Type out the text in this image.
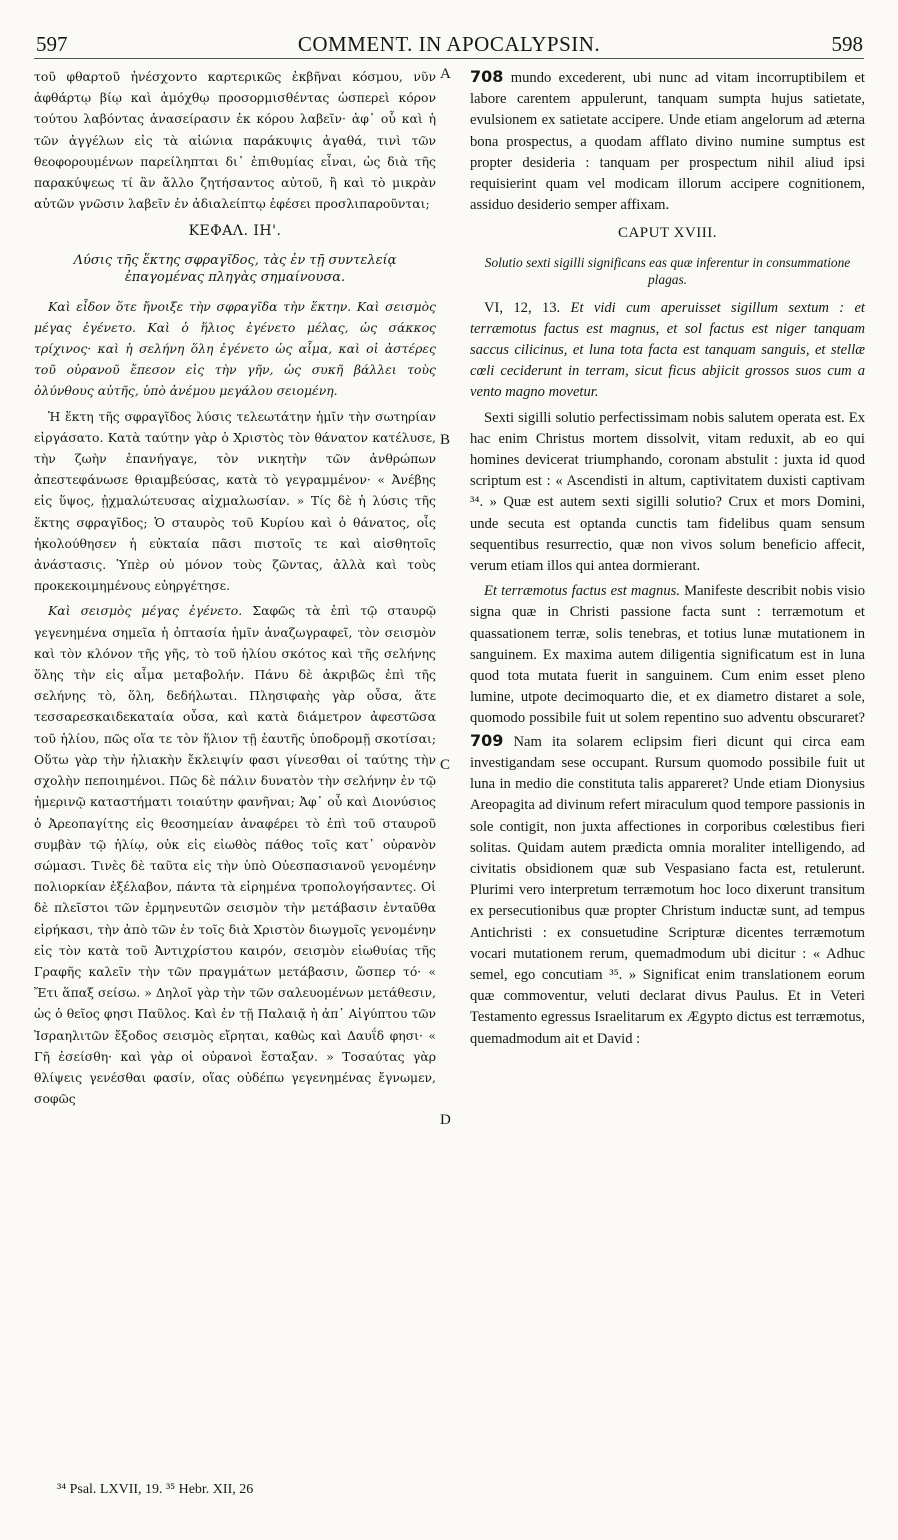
597	COMMENT. IN APOCALYPSIN.	598
A
B
C
D

τοῦ φθαρτοῦ ἠνέσχοντο καρτερικῶς ἐκβῆναι κόσμου, νῦν ἀφθάρτῳ βίῳ καὶ ἀμόχθῳ προσορμισθέντας ὡσπερεὶ κόρον τούτου λαβόντας ἀνασείρασιν ἐκ κόρου λαβεῖν· ἀφ᾽ οὗ καὶ ἡ τῶν ἀγγέλων εἰς τὰ αἰώνια παράκυψις ἀγαθά, τινὶ τῶν θεοφορουμένων παρείληπται δι᾽ ἐπιθυμίας εἶναι, ὡς διὰ τῆς παρακύψεως τί ἂν ἄλλο ζητήσαντος αὐτοῦ, ἢ καὶ τὸ μικρὰν αὐτῶν γνῶσιν λαβεῖν ἐν ἀδιαλείπτῳ ἐφέσει προσλιπαροῦνται;

ΚΕΦΑΛ. ΙΗ'.
Λύσις τῆς ἕκτης σφραγῖδος, τὰς ἐν τῇ συντελείᾳ ἐπαγομένας πληγὰς σημαίνουσα.

Καὶ εἶδον ὅτε ἤνοιξε τὴν σφραγῖδα τὴν ἕκτην. Καὶ σεισμὸς μέγας ἐγένετο. Καὶ ὁ ἥλιος ἐγένετο μέλας, ὡς σάκκος τρίχινος· καὶ ἡ σελήνη ὅλη ἐγένετο ὡς αἷμα, καὶ οἱ ἀστέρες τοῦ οὐρανοῦ ἔπεσον εἰς τὴν γῆν, ὡς συκῆ βάλλει τοὺς ὀλύνθους αὐτῆς, ὑπὸ ἀνέμου μεγάλου σειομένη.

Ἡ ἕκτη τῆς σφραγῖδος λύσις τελεωτάτην ἡμῖν τὴν σωτηρίαν εἰργάσατο. Κατὰ ταύτην γὰρ ὁ Χριστὸς τὸν θάνατον κατέλυσε, τὴν ζωὴν ἐπανήγαγε, τὸν νικητὴν τῶν ἀνθρώπων ἀπεστεφάνωσε θριαμβεύσας, κατὰ τὸ γεγραμμένον· « Ἀνέβης εἰς ὕψος, ᾐχμαλώτευσας αἰχμαλωσίαν. » Τίς δὲ ἡ λύσις τῆς ἕκτης σφραγῖδος; Ὁ σταυρὸς τοῦ Κυρίου καὶ ὁ θάνατος, οἷς ἠκολούθησεν ἡ εὐκταία πᾶσι πιστοῖς τε καὶ αἰσθητοῖς ἀνάστασις. Ὑπὲρ οὐ μόνον τοὺς ζῶντας, ἀλλὰ καὶ τοὺς προκεκοιμημένους εὐηργέτησε.

Καὶ σεισμὸς μέγας ἐγένετο. Σαφῶς τὰ ἐπὶ τῷ σταυρῷ γεγενημένα σημεῖα ἡ ὀπτασία ἡμῖν ἀναζωγραφεῖ, τὸν σεισμὸν καὶ τὸν κλόνον τῆς γῆς, τὸ τοῦ ἡλίου σκότος καὶ τῆς σελήνης ὅλης τὴν εἰς αἷμα μεταβολήν. Πάνυ δὲ ἀκριβῶς ἐπὶ τῆς σελήνης τὸ, ὅλη, δεδήλωται. Πλησιφαὴς γὰρ οὖσα, ἅτε τεσσαρεσκαιδεκαταία οὖσα, καὶ κατὰ διάμετρον ἀφεστῶσα τοῦ ἡλίου, πῶς οἵα τε τὸν ἥλιον τῇ ἑαυτῆς ὑποδρομῇ σκοτίσαι; Οὕτω γὰρ τὴν ἡλιακὴν ἔκλειψίν φασι γίνεσθαι οἱ ταύτης τὴν σχολὴν πεποιημένοι. Πῶς δὲ πάλιν δυνατὸν τὴν σελήνην ἐν τῷ ἡμερινῷ καταστήματι τοιαύτην φανῆναι; Ἀφ᾽ οὗ καὶ Διονύσιος ὁ Ἀρεοπαγίτης εἰς θεοσημείαν ἀναφέρει τὸ ἐπὶ τοῦ σταυροῦ συμβὰν τῷ ἡλίῳ, οὐκ εἰς εἰωθὸς πάθος τοῖς κατ᾽ οὐρανὸν σώμασι. Τινὲς δὲ ταῦτα εἰς τὴν ὑπὸ Οὐεσπασιανοῦ γενομένην πολιορκίαν ἐξέλαβον, πάντα τὰ εἰρημένα τροπολογήσαντες. Οἱ δὲ πλεῖστοι τῶν ἑρμηνευτῶν σεισμὸν τὴν μετάβασιν ἐνταῦθα εἰρήκασι, τὴν ἀπὸ τῶν ἐν τοῖς διὰ Χριστὸν διωγμοῖς γενομένην εἰς τὸν κατὰ τοῦ Ἀντιχρίστου καιρόν, σεισμὸν εἰωθυίας τῆς Γραφῆς καλεῖν τὴν τῶν πραγμάτων μετάβασιν, ὥσπερ τό· « Ἔτι ἅπαξ σείσω. » Δηλοῖ γὰρ τὴν τῶν σαλευομένων μετάθεσιν, ὡς ὁ θεῖος φησι Παῦλος. Καὶ ἐν τῇ Παλαιᾷ ἡ ἀπ᾽ Αἰγύπτου τῶν Ἰσραηλιτῶν ἔξοδος σεισμὸς εἴρηται, καθὼς καὶ Δαυΐδ φησι· « Γῆ ἐσείσθη· καὶ γὰρ οἱ οὐρανοὶ ἔσταξαν. » Τοσαύτας γὰρ θλίψεις γενέσθαι φασίν, οἵας οὐδέπω γεγενημένας ἔγνωμεν, σοφῶς

708 mundo excederent, ubi nunc ad vitam incorruptibilem et labore carentem appulerunt, tanquam sumpta hujus satietate, evulsionem ex satietate accipere. Unde etiam angelorum ad æterna bona prospectus, a quodam afflato divino numine sumptus est propter desideria : tanquam per prospectum nihil aliud ipsi requisierint quam vel modicam illorum accipere cognitionem, assiduo desiderio semper affixam.

CAPUT XVIII.
Solutio sexti sigilli significans eas quæ inferentur in consummatione plagas.

VI, 12, 13. Et vidi cum aperuisset sigillum sextum : et terræmotus factus est magnus, et sol factus est niger tanquam saccus cilicinus, et luna tota facta est tanquam sanguis, et stellæ cœli ceciderunt in terram, sicut ficus abjicit grossos suos cum a vento magno movetur.

Sexti sigilli solutio perfectissimam nobis salutem operata est. Ex hac enim Christus mortem dissolvit, vitam reduxit, ab eo qui homines devicerat triumphando, coronam abstulit : juxta id quod scriptum est : « Ascendisti in altum, captivitatem duxisti captivam ³⁴. » Quæ est autem sexti sigilli solutio? Crux et mors Domini, unde secuta est optanda cunctis tam fidelibus quam sensum sequentibus resurrectio, quæ non vivos solum beneficio affecit, verum etiam illos qui antea dormierant.

Et terræmotus factus est magnus. Manifeste describit nobis visio signa quæ in Christi passione facta sunt : terræmotum et quassationem terræ, solis tenebras, et totius lunæ mutationem in sanguinem. Ex maxima autem diligentia significatum est in luna quod tota mutata fuerit in sanguinem. Cum enim esset pleno lumine, utpote decimoquarto die, et ex diametro distaret a sole, quomodo possibile fuit ut solem repentino suo adventu obscuraret? 709 Nam ita solarem eclipsim fieri dicunt qui circa eam investigandam sese occupant. Rursum quomodo possibile fuit ut luna in medio die constituta talis appareret? Unde etiam Dionysius Areopagita ad divinum refert miraculum quod tempore passionis in sole contigit, non juxta affectiones in corporibus cœlestibus fieri solitas. Quidam autem prædicta omnia moraliter intelligendo, ad civitatis obsidionem quæ sub Vespasiano facta est, retulerunt. Plurimi vero interpretum terræmotum hoc loco dixerunt transitum ex persecutionibus quæ propter Christum inductæ sunt, ad tempus Antichristi : ex consuetudine Scripturæ dicentes terræmotum vocari mutationem rerum, quemadmodum ubi dicitur : « Adhuc semel, ego concutiam ³⁵. » Significat enim translationem eorum quæ commoventur, veluti declarat divus Paulus. Et in Veteri Testamento egressus Israelitarum ex Ægypto dictus est terræmotus, quemadmodum ait et David :

³⁴ Psal. LXVII, 19. ³⁵ Hebr. XII, 26
